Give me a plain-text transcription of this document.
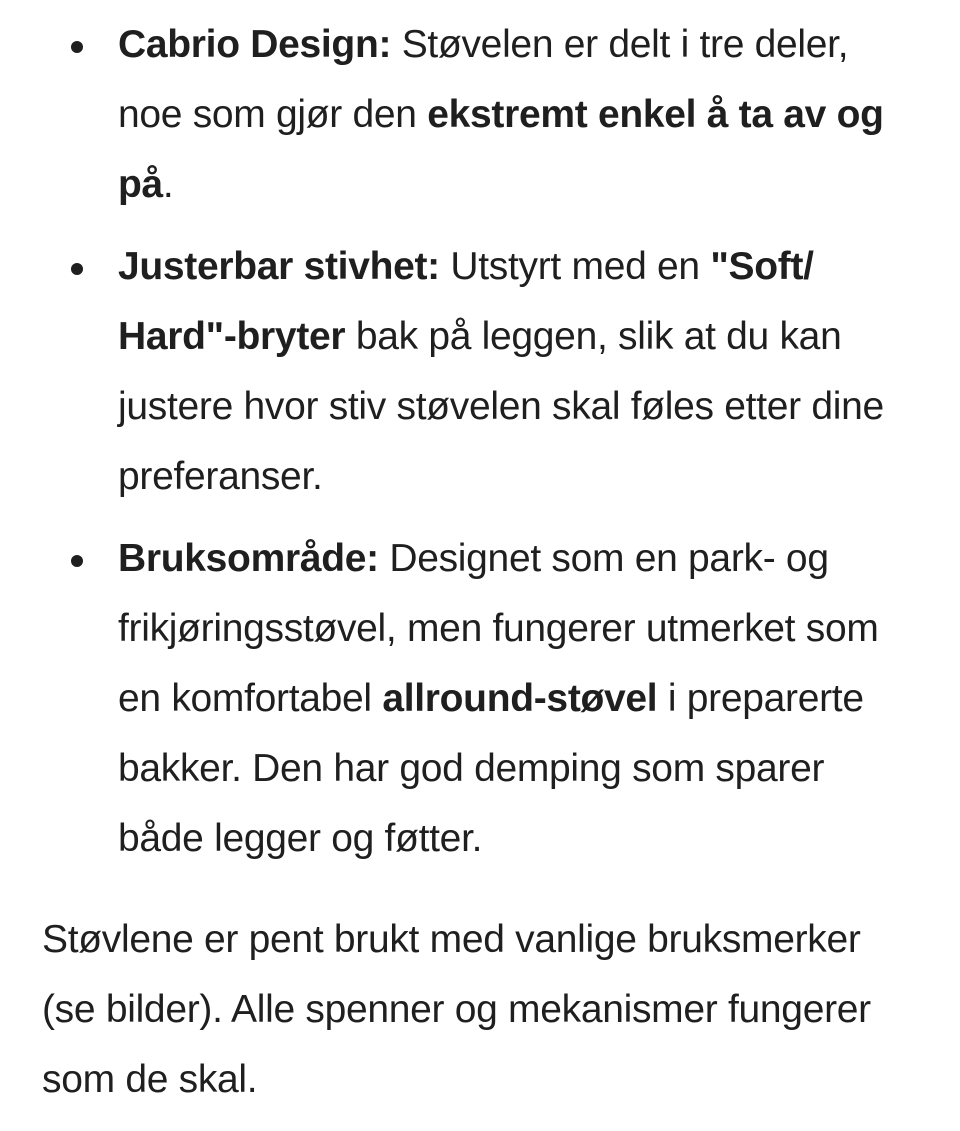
Cabrio Design: Støvelen er delt i tre deler, noe som gjør den ekstremt enkel å ta av og på.
Justerbar stivhet: Utstyrt med en "Soft/ Hard"-bryter bak på leggen, slik at du kan justere hvor stiv støvelen skal føles etter dine preferanser.
Bruksområde: Designet som en park- og frikjøringsstøvel, men fungerer utmerket som en komfortabel allround-støvel i preparerte bakker. Den har god demping som sparer både legger og føtter.

Støvlene er pent brukt med vanlige bruksmerker (se bilder). Alle spenner og mekanismer fungerer som de skal.
